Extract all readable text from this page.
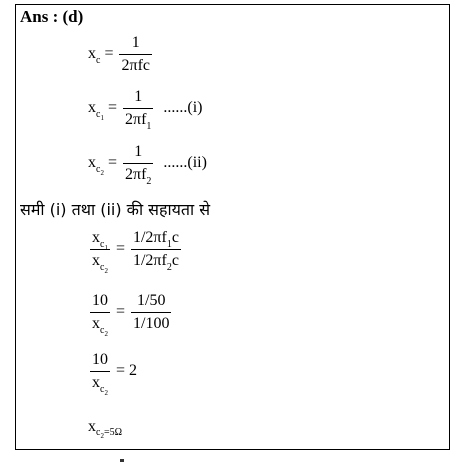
Ans : (d)
$x_c = \frac{1}{\text{2πfc}}$
$x_{c_1}$
= $\frac{1}{2\pi f_1} ......(i)$
$x_{c_2}$
= $\frac{1}{2\pi f_2} ......(ii)$
समी (i) तथा (ii) की सहायता से
$\frac{x_{c_1}}{x_{c_2}} = \frac{1/2\pi f_1c}{1/2\pi f_2c}$
$\frac{10}{x_{c_2}} = \frac{1/50}{1/100}$
$\frac{10}{x_{c_2}} = 2$
x $c_2=5\Omega$
